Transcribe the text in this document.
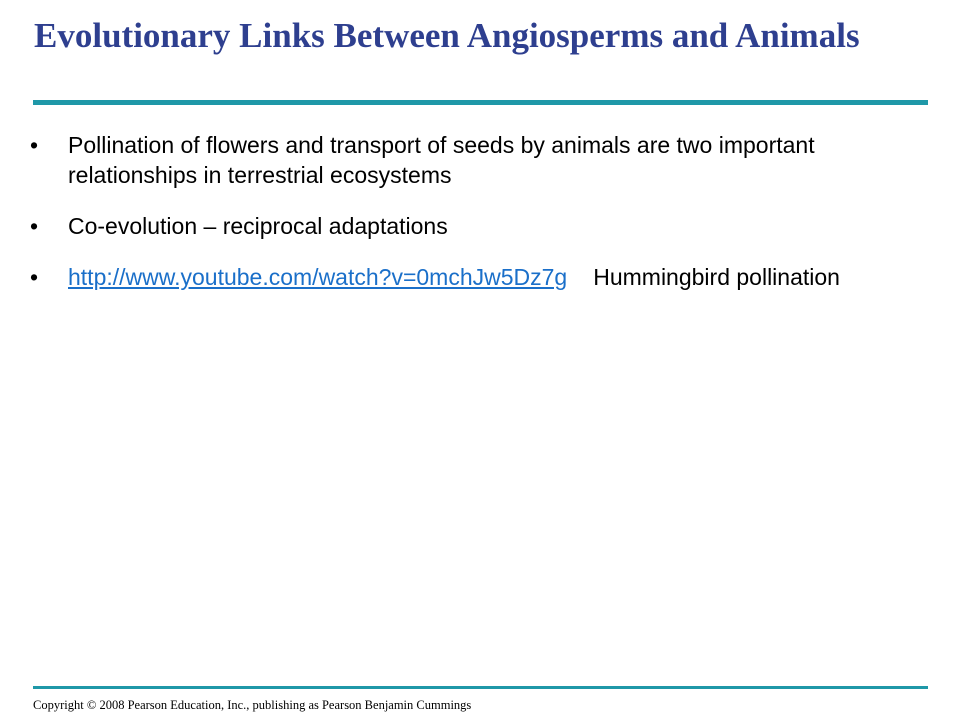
Evolutionary Links Between Angiosperms and Animals
• Pollination of flowers and transport of seeds by animals are two important relationships in terrestrial ecosystems
• Co-evolution – reciprocal adaptations
• http://www.youtube.com/watch?v=0mchJw5Dz7g Hummingbird pollination
Copyright © 2008 Pearson Education, Inc., publishing as Pearson Benjamin Cummings
